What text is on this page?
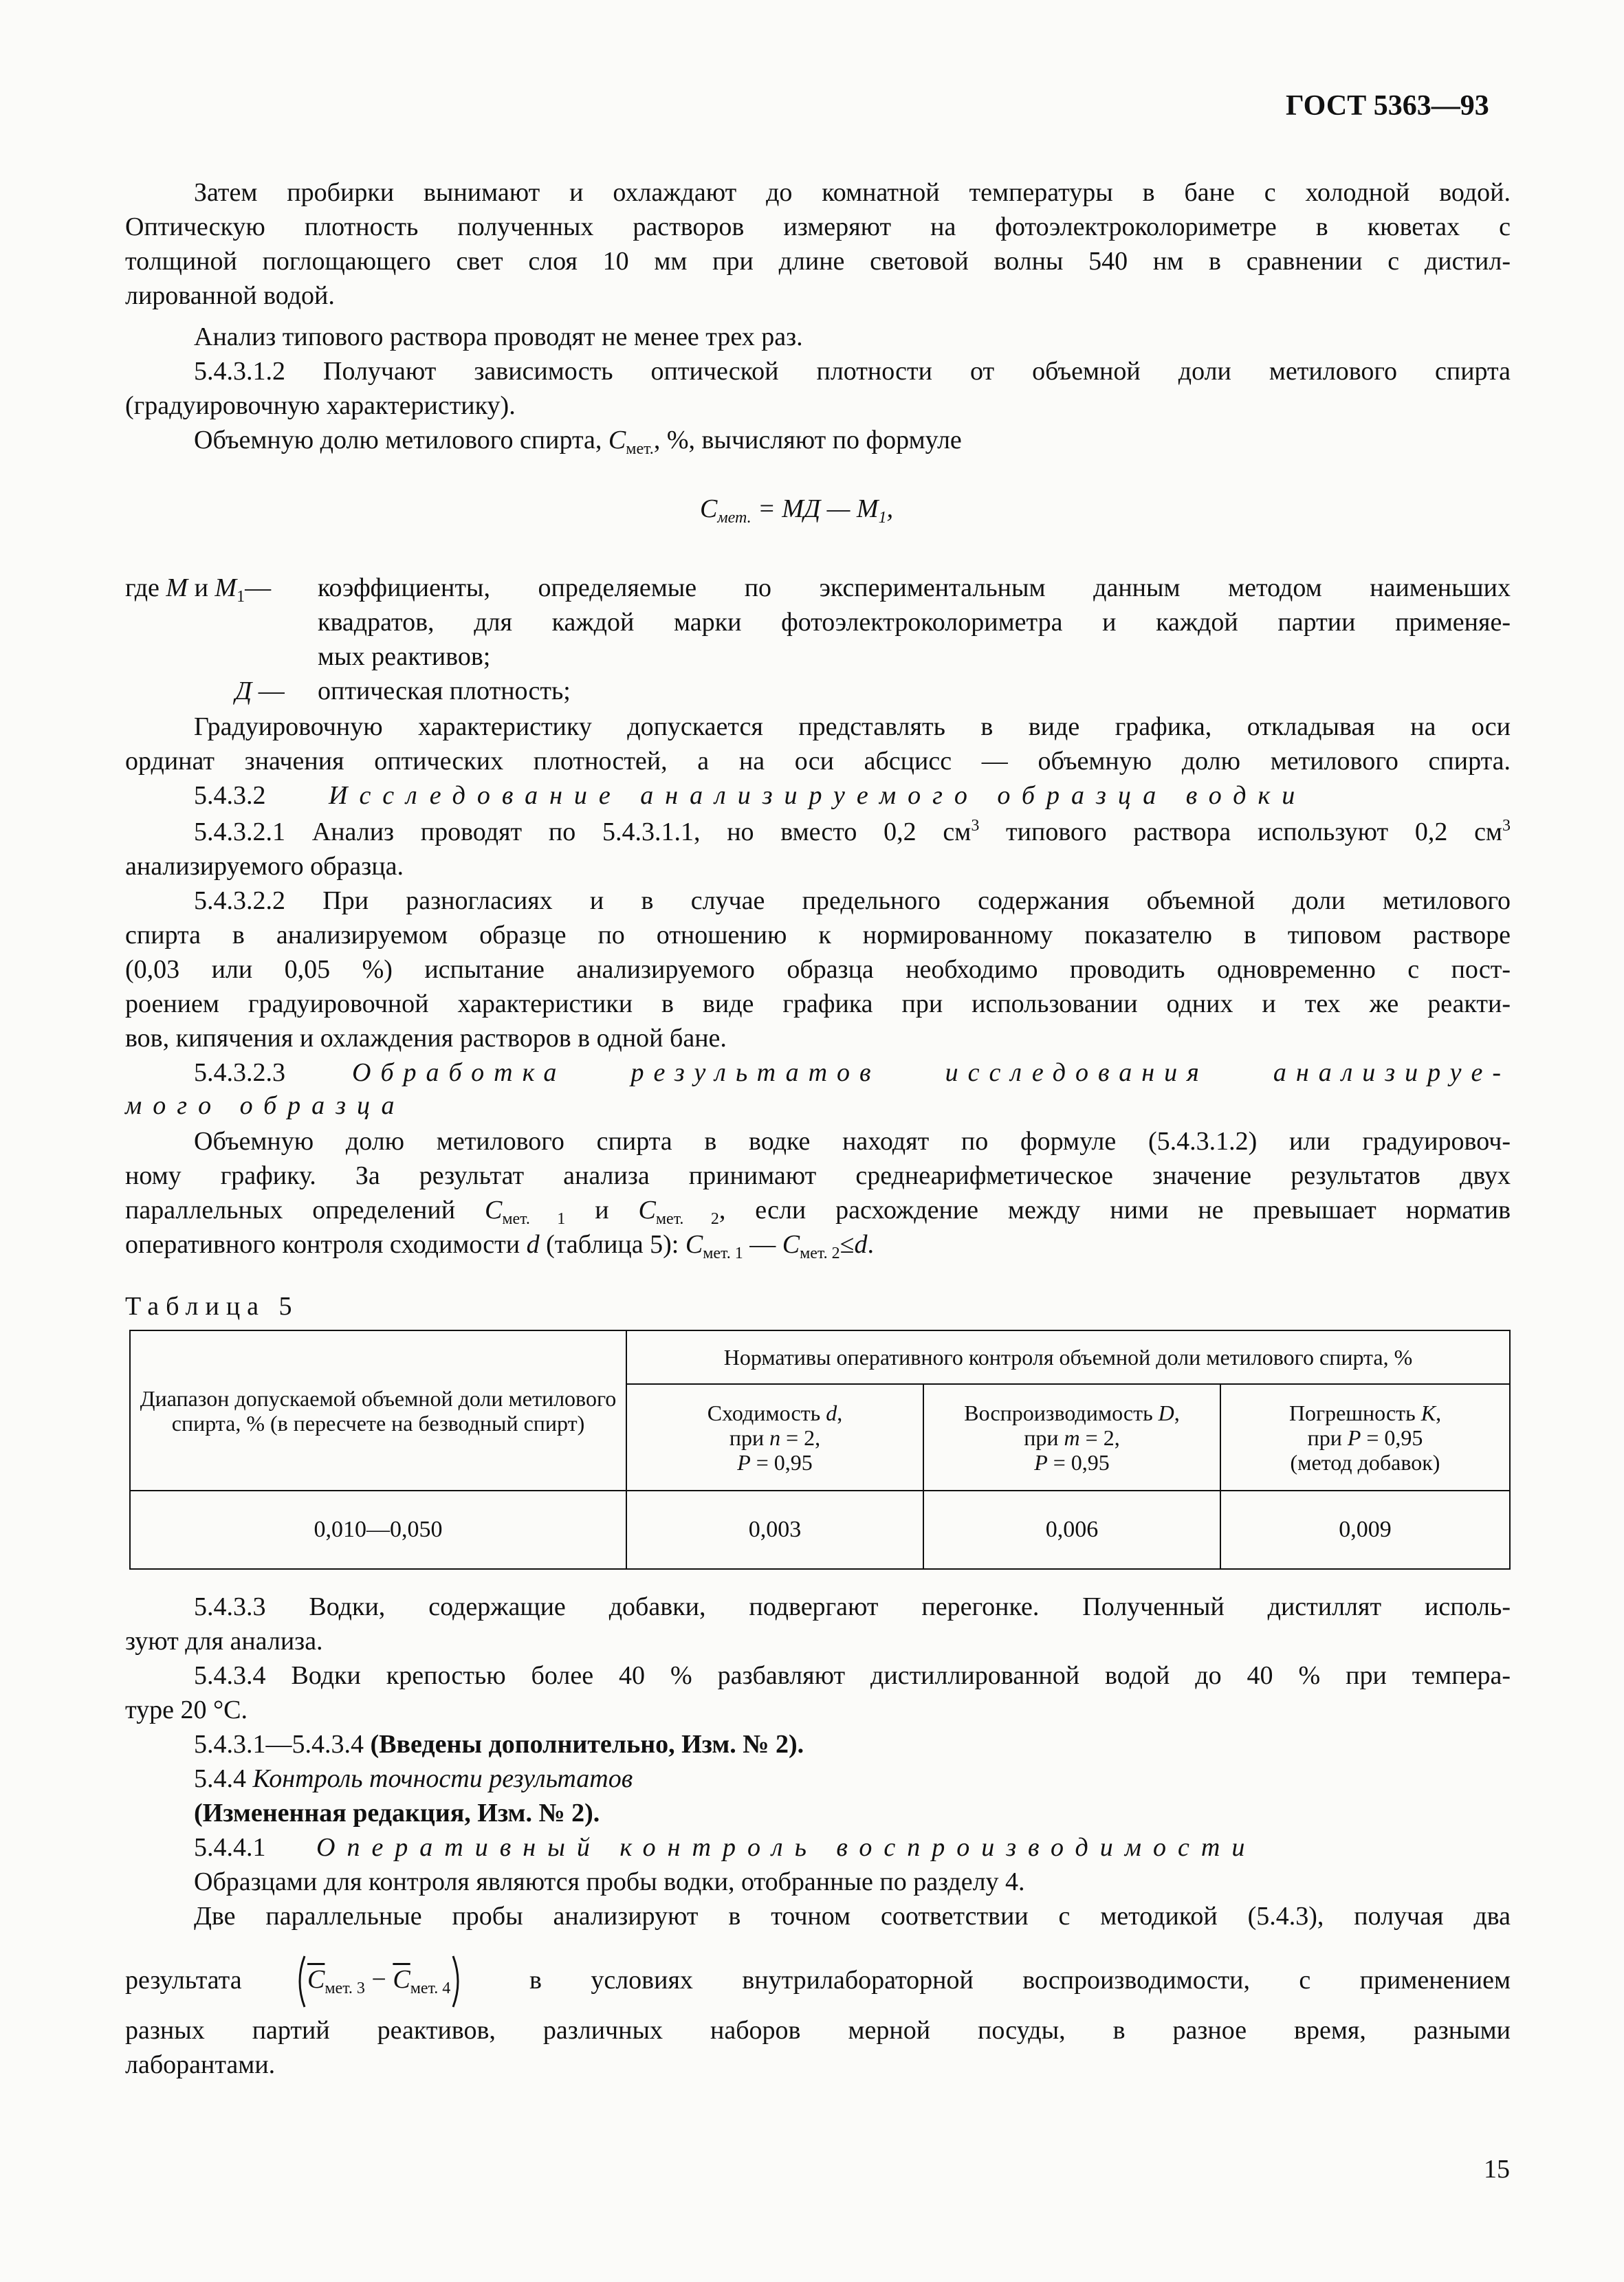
ГОСТ 5363—93
Затем пробирки вынимают и охлаждают до комнатной температуры в бане с холодной водой.
Оптическую плотность полученных растворов измеряют на фотоэлектроколориметре в кюветах с
толщиной поглощающего свет слоя 10 мм при длине световой волны 540 нм в сравнении с дистил-
лированной водой.
Анализ типового раствора проводят не менее трех раз.
5.4.3.1.2 Получают зависимость оптической плотности от объемной доли метилового спирта
(градуировочную характеристику).
Объемную долю метилового спирта, $С_{мет.}$, %, вычисляют по формуле
$С_{мет.}$ = МД — $М_1$,
где М и $М_1—$ коэффициенты, определяемые по экспериментальным данным методом наименьших
квадратов, для каждой марки фотоэлектроколориметра и каждой партии применяе-
мых реактивов;
Д — оптическая плотность;
Градуировочную характеристику допускается представлять в виде графика, откладывая на оси
ординат значения оптических плотностей, а на оси абсцисс — объемную долю метилового спирта.
5.4.3.2 Исследование анализируемого образца водки
5.4.3.2.1 Анализ проводят по 5.4.3.1.1, но вместо 0,2 $см^3$ типового раствора используют 0,2 $см^3$
анализируемого образца.
5.4.3.2.2 При разногласиях и в случае предельного содержания объемной доли метилового
спирта в анализируемом образце по отношению к нормированному показателю в типовом растворе
(0,03 или 0,05 %) испытание анализируемого образца необходимо проводить одновременно с пост-
роением градуировочной характеристики в виде графика при использовании одних и тех же реакти-
вов, кипячения и охлаждения растворов в одной бане.
5.4.3.2.3	Обработка результатов исследования анализируе-
мого образца
Объемную долю метилового спирта в водке находят по формуле (5.4.3.1.2) или градуировоч-
ному графику. За результат анализа принимают среднеарифметическое значение результатов двух
параллельных определений $С_{мет. 1}$ и $С_{мет. 2}$, если расхождение между ними не превышает норматив
оперативного контроля сходимости d (таблица 5): $С_{мет. 1}$ — $С_{мет. 2}\le d$.
Таблица 5
Диапазон допускаемой объемной доли метилового спирта, % (в пересчете на безводный спирт)	Нормативы оперативного контроля объемной доли метилового спирта, %		
	Сходимость d,
при n = 2,
P = 0,95	Воспроизводимость D,
при m = 2,
P = 0,95	Погрешность K,
при P = 0,95
(метод добавок)
0,010—0,050	0,003	0,006	0,009
5.4.3.3 Водки, содержащие добавки, подвергают перегонке. Полученный дистиллят исполь-
зуют для анализа.
5.4.3.4 Водки крепостью более 40 % разбавляют дистиллированной водой до 40 % при темпера-
туре 20 °С.
5.4.3.1—5.4.3.4 (Введены дополнительно, Изм. № 2).
5.4.4 Контроль точности результатов
(Измененная редакция, Изм. № 2).
5.4.4.1 Оперативный контроль воспроизводимости
Образцами для контроля являются пробы водки, отобранные по разделу 4.
Две параллельные пробы анализируют в точном соответствии с методикой (5.4.3), получая два
результата	$С_{мет. 3} - С_{мет. 4}$	в условиях внутрилабораторной воспроизводимости, с применением
разных партий реактивов, различных наборов мерной посуды, в разное время, разными
лаборантами.
15
